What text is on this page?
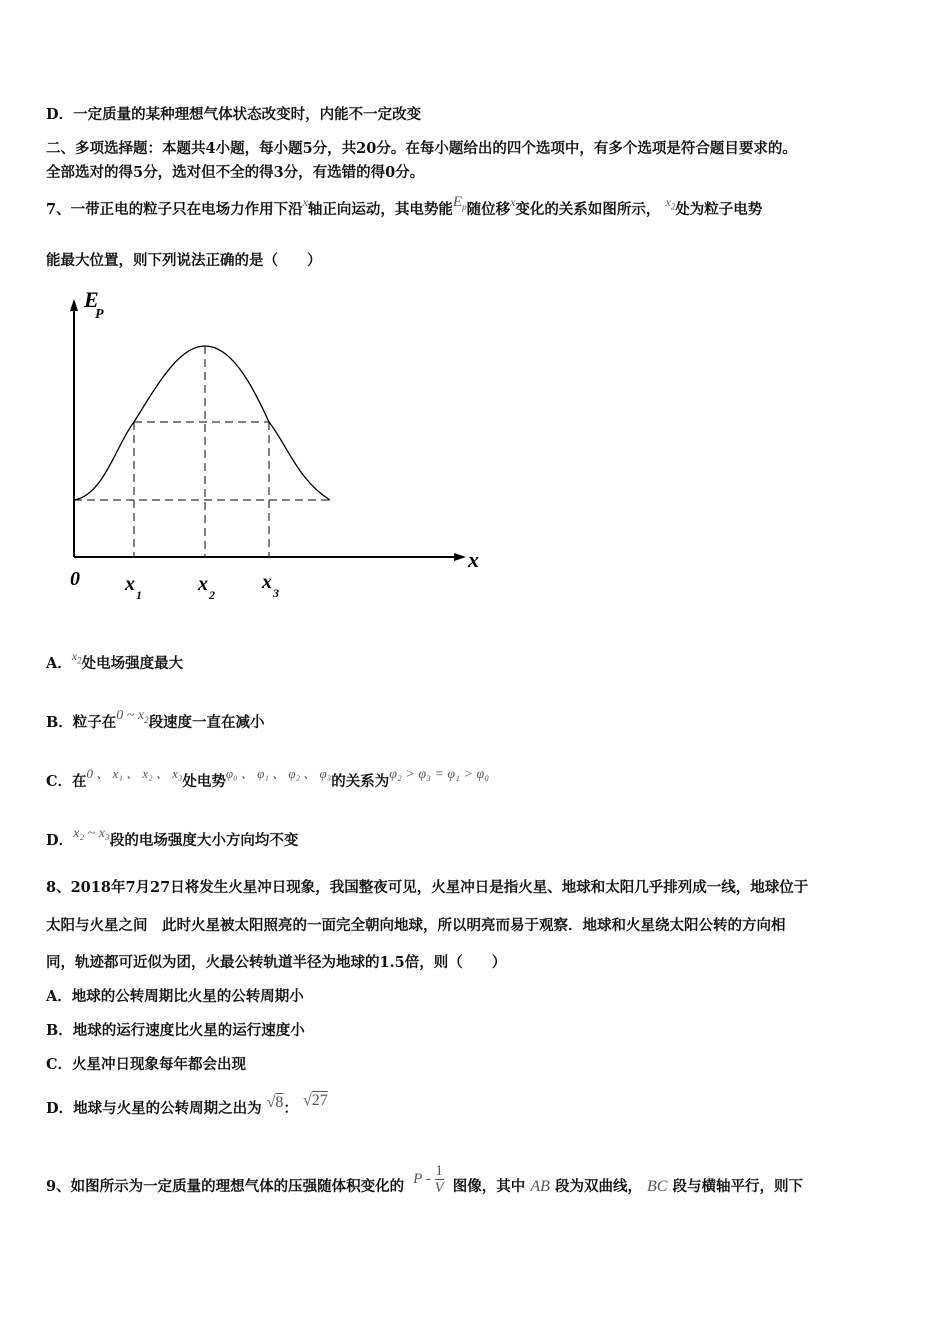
D．一定质量的某种理想气体状态改变时，内能不一定改变
二、多项选择题：本题共4小题，每小题5分，共20分。在每小题给出的四个选项中，有多个选项是符合题目要求的。
全部选对的得5分，选对但不全的得3分，有选错的得0分。
7、一带正电的粒子只在电场力作用下沿$^x$轴正向运动，其电势能$E_p$随位移$^x$变化的关系如图所示， $^{x_2}$处为粒子电势
能最大位置，则下列说法正确的是（　　）
E
P
x
0 x 1	x 2
x 3
A．$^{x_2}$处电场强度最大
B．粒子在0 ~ $x_2$段速度一直在减小
C．在0 、 x₁ 、 x₂ 、 x₃处电势φ₀ 、 φ₁ 、 φ₂ 、 φ₃的关系为φ₂ > φ₃ = φ₁ > φ₀
D．x₂ ~ x₃段的电场强度大小方向均不变
8、2018年7月27日将发生火星冲日现象，我国整夜可见，火星冲日是指火星、地球和太阳几乎排列成一线，地球位于
太阳与火星之间　此时火星被太阳照亮的一面完全朝向地球，所以明亮而易于观察．地球和火星绕太阳公转的方向相
同，轨迹都可近似为团，火最公转轨道半径为地球的1.5倍，则（　　）
A．地球的公转周期比火星的公转周期小
B．地球的运行速度比火星的运行速度小
C．火星冲日现象每年都会出现
D．地球与火星的公转周期之出为 √8： √27
9、如图所示为一定质量的理想气体的压强随体积变化的 P - $\frac{1}{V}$ 图像，其中 AB 段为双曲线， BC 段与横轴平行，则下
